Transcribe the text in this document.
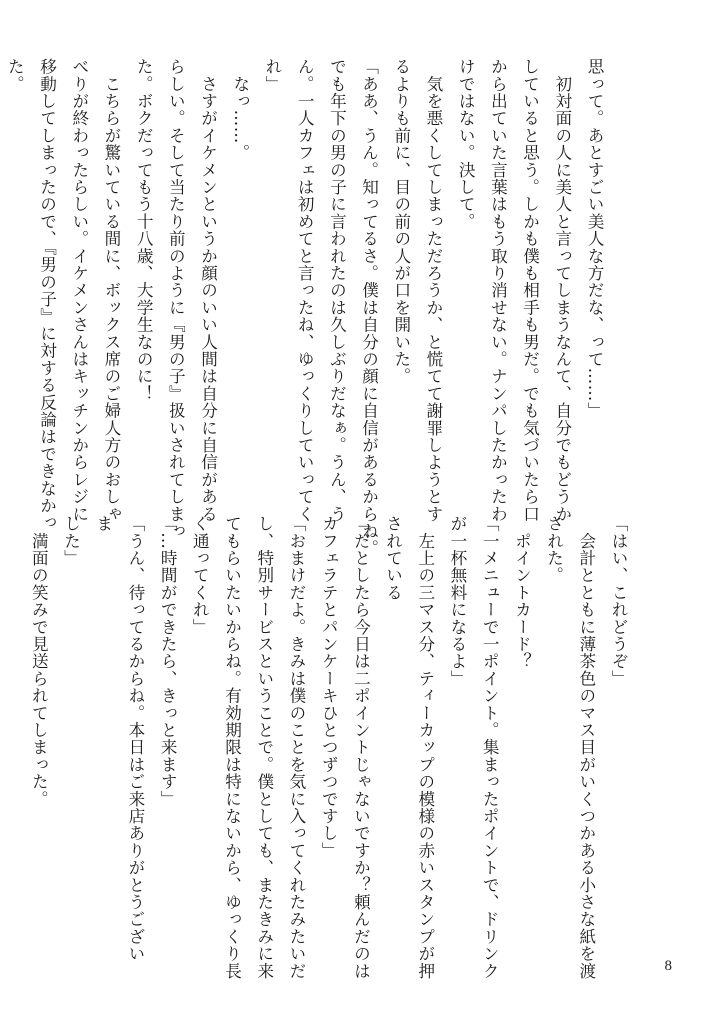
思って。あとすごい美人な方だな、って……」
　初対面の人に美人と言ってしまうなんて、自分でもどうか
していると思う。しかも僕も相手も男だ。でも気づいたら口
から出ていた言葉はもう取り消せない。ナンパしたかったわ
けではない。決して。
　気を悪くしてしまっただろうか、と慌てて謝罪しようとす
るよりも前に、目の前の人が口を開いた。
「ああ、うん。知ってるさ。僕は自分の顔に自信があるからね。
でも年下の男の子に言われたのは久しぶりだなぁ。うん、う
ん。一人カフェは初めてと言ったね、ゆっくりしていってく
れ」
　なっ……。
　さすがイケメンというか顔のいい人間は自分に自信がある
らしい。そして当たり前のように『男の子』扱いされてしまっ
た。ボクだってもう十八歳、大学生なのに！
　こちらが驚いている間に、ボックス席のご婦人方のおしゃ
べりが終わったらしい。イケメンさんはキッチンからレジに
移動してしまったので、『男の子』に対する反論はできなかっ
た。
「はい、これどうぞ」
　会計とともに薄茶色のマス目がいくつかある小さな紙を渡
された。
　ポイントカード？
「一メニューで一ポイント。集まったポイントで、ドリンク
が一杯無料になるよ」
　左上の三マス分、ティーカップの模様の赤いスタンプが押
されている
「だとしたら今日は二ポイントじゃないですか？頼んだのは
カフェラテとパンケーキひとつずつですし」
「おまけだよ。きみは僕のことを気に入ってくれたみたいだ
し、特別サービスということで。僕としても、またきみに来
てもらいたいからね。有効期限は特にないから、ゆっくり長
く通ってくれ」
「…時間ができたら、きっと来ます」
「うん、待ってるからね。本日はご来店ありがとうござい
ま
した」
　満面の笑みで見送られてしまった。
8
